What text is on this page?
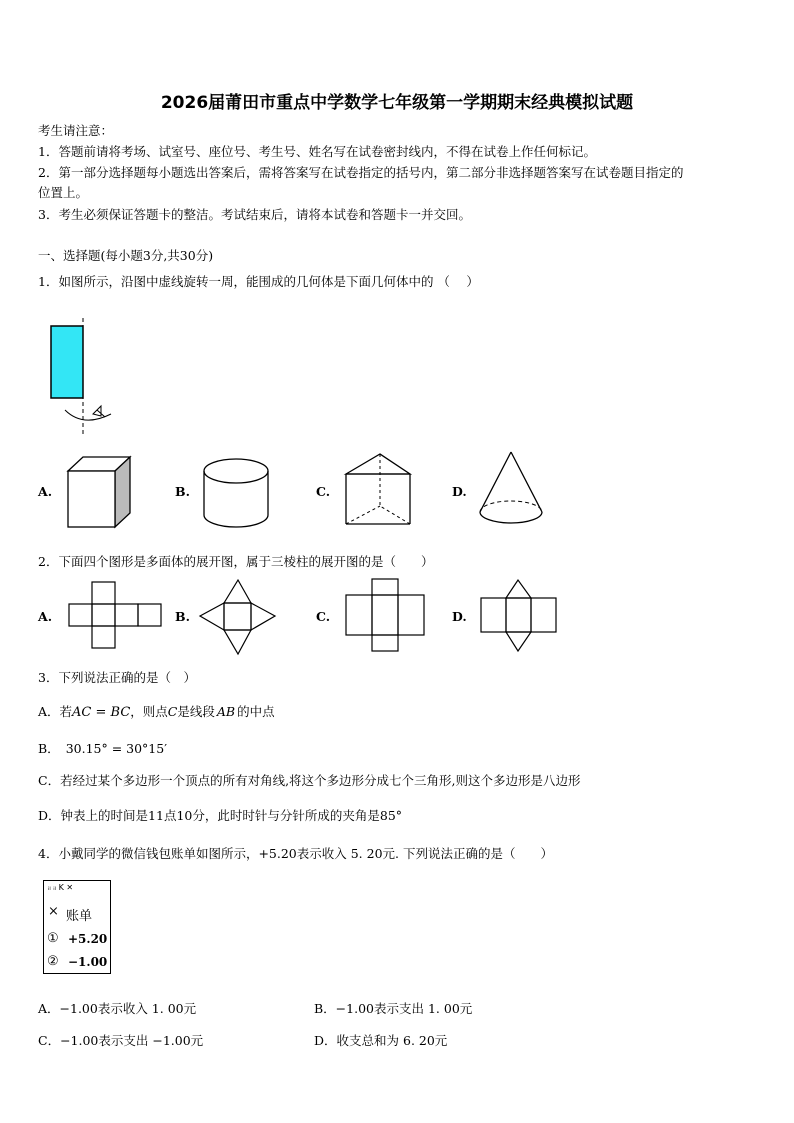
2026届莆田市重点中学数学七年级第一学期期末经典模拟试题
考生请注意：
1．答题前请将考场、试室号、座位号、考生号、姓名写在试卷密封线内，不得在试卷上作任何标记。
2．第一部分选择题每小题选出答案后，需将答案写在试卷指定的括号内，第二部分非选择题答案写在试卷题目指定的
位置上。
3．考生必须保证答题卡的整洁。考试结束后，请将本试卷和答题卡一并交回。
一、选择题(每小题3分,共30分)
1．如图所示，沿图中虚线旋转一周，能围成的几何体是下面几何体中的 （　 ）
A.	B.	C.	D.
2．下面四个图形是多面体的展开图，属于三棱柱的展开图的是（　　）
A.	B.	C.	D.
3．下列说法正确的是（　）
A．若AC = BC，则点C是线段 AB 的中点
B． 30.15° = 30°15′
C．若经过某个多边形一个顶点的所有对角线,将这个多边形分成七个三角形,则这个多边形是八边形
D．钟表上的时间是11点10分，此时时针与分针所成的夹角是85°
4．小戴同学的微信钱包账单如图所示，+5.20表示收入 5. 20元. 下列说法正确的是（　　）
ᵢₗ ᵢₗ K ✕
× 账单
① +5.20
② −1.00
A．−1.00表示收入 1. 00元	B．−1.00表示支出 1. 00元
C．−1.00表示支出 −1.00元	D．收支总和为 6. 20元
